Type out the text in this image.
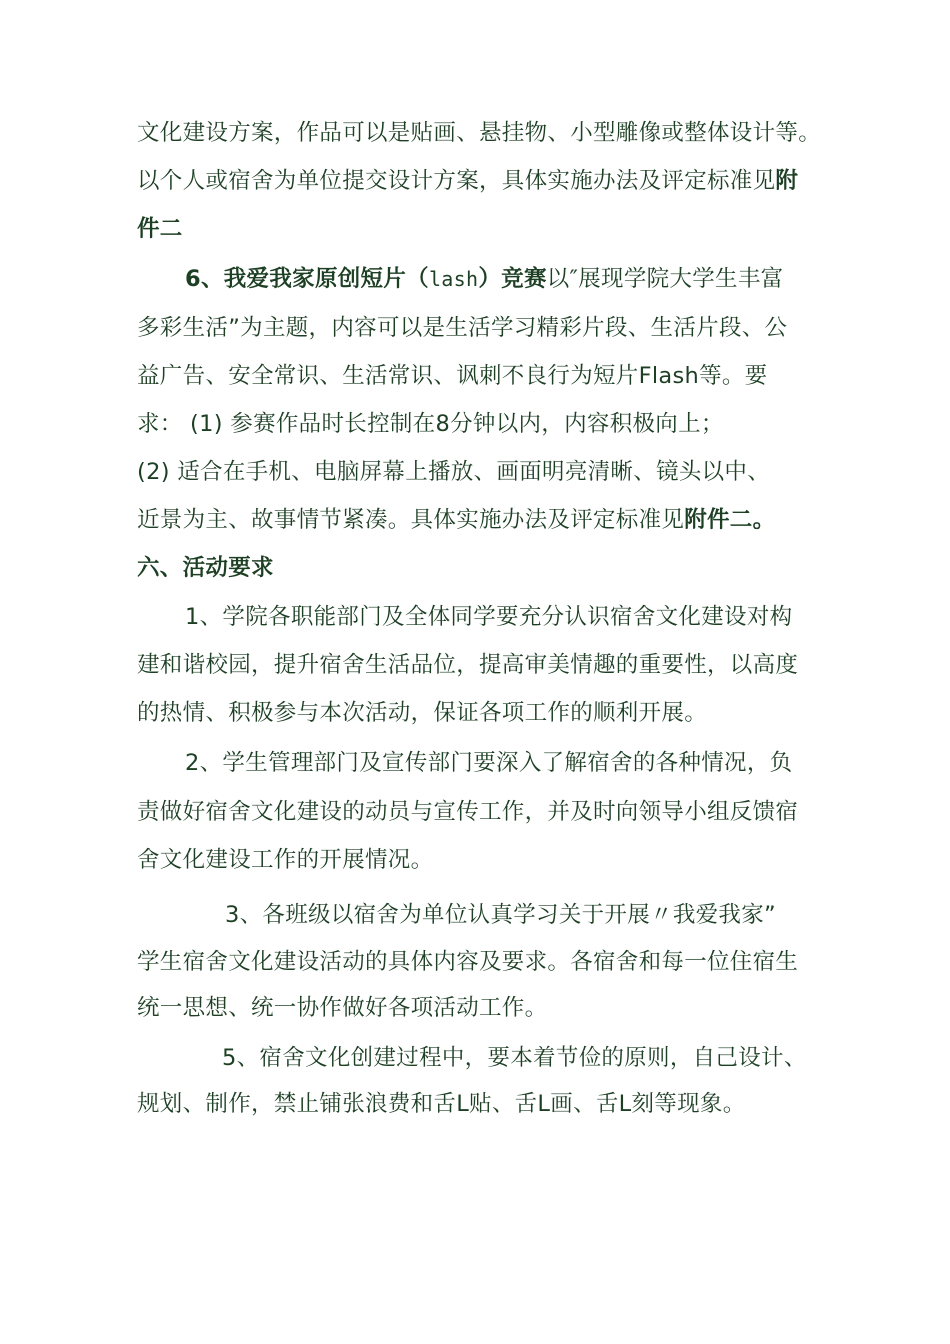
文化建设方案，作品可以是贴画、悬挂物、小型雕像或整体设计等。
以个人或宿舍为单位提交设计方案，具体实施办法及评定标准见附
件二
6、我爱我家原创短片（lash）竞赛以″展现学院大学生丰富
多彩生活”为主题，内容可以是生活学习精彩片段、生活片段、公
益广告、安全常识、生活常识、讽刺不良行为短片Flash等。要
求： (1) 参赛作品时长控制在8分钟以内，内容积极向上；
(2) 适合在手机、电脑屏幕上播放、画面明亮清晰、镜头以中、
近景为主、故事情节紧凑。具体实施办法及评定标准见附件二。
六、活动要求
1、学院各职能部门及全体同学要充分认识宿舍文化建设对构
建和谐校园，提升宿舍生活品位，提高审美情趣的重要性，以高度
的热情、积极参与本次活动，保证各项工作的顺利开展。
2、学生管理部门及宣传部门要深入了解宿舍的各种情况，负
责做好宿舍文化建设的动员与宣传工作，并及时向领导小组反馈宿
舍文化建设工作的开展情况。
3、各班级以宿舍为单位认真学习关于开展〃我爱我家”
学生宿舍文化建设活动的具体内容及要求。各宿舍和每一位住宿生
统一思想、统一协作做好各项活动工作。
5、宿舍文化创建过程中，要本着节俭的原则，自己设计、
规划、制作，禁止铺张浪费和舌L贴、舌L画、舌L刻等现象。
